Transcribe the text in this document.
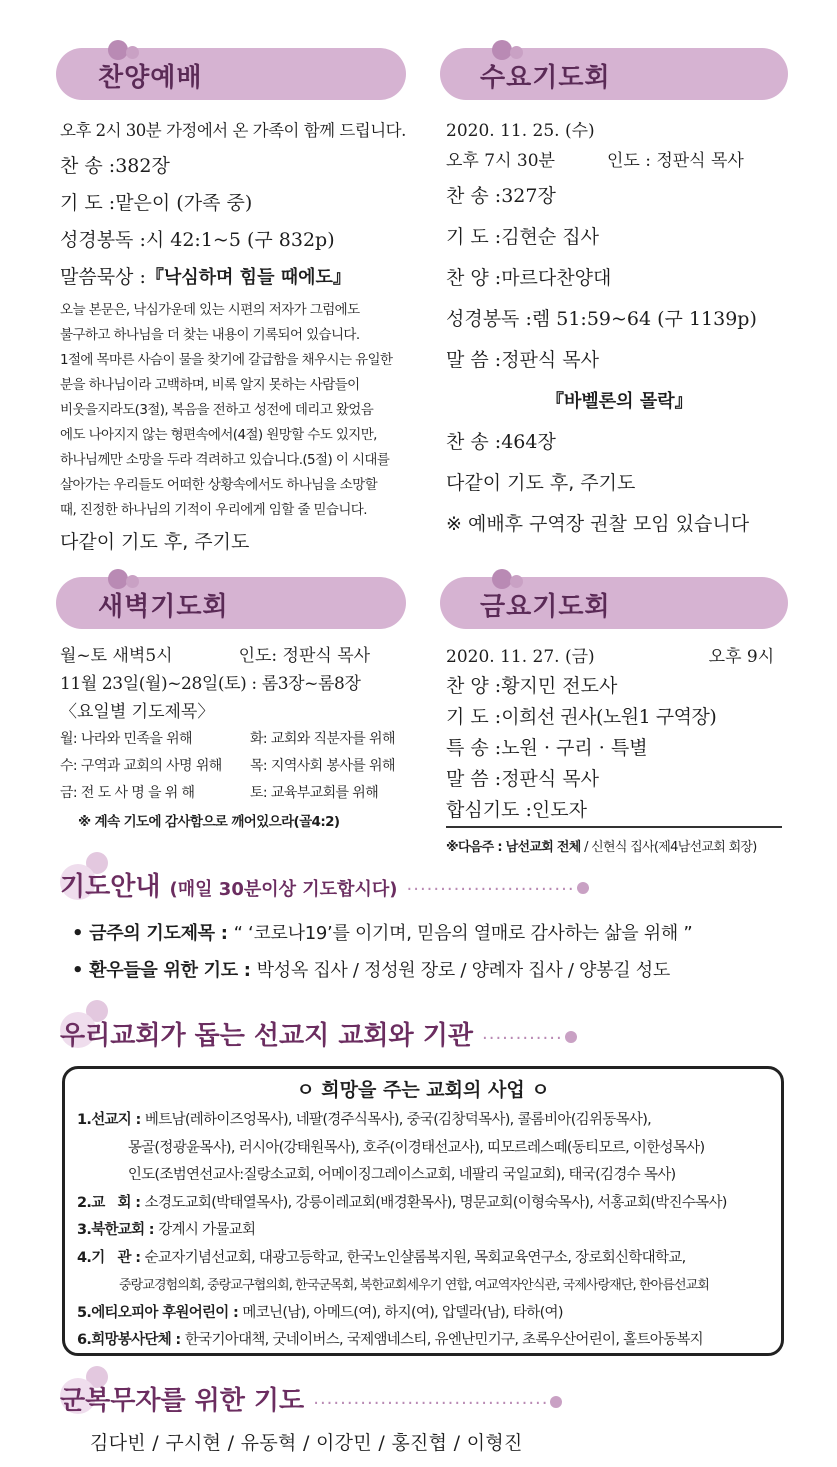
찬양예배
오후 2시 30분 가정에서 온 가족이 함께 드립니다.
찬 송 :382장
기 도 :맡은이 (가족 중)
성경봉독 :시 42:1~5 (구 832p)
말씀묵상 :『낙심하며 힘들 때에도』
오늘 본문은, 낙심가운데 있는 시편의 저자가 그럼에도
불구하고 하나님을 더 찾는 내용이 기록되어 있습니다.
1절에 목마른 사슴이 물을 찾기에 갈급함을 채우시는 유일한
분을 하나님이라 고백하며, 비록 알지 못하는 사람들이
비웃을지라도(3절), 복음을 전하고 성전에 데리고 왔었음
에도 나아지지 않는 형편속에서(4절) 원망할 수도 있지만,
하나님께만 소망을 두라 격려하고 있습니다.(5절) 이 시대를
살아가는 우리들도 어떠한 상황속에서도 하나님을 소망할
때, 진정한 하나님의 기적이 우리에게 임할 줄 믿습니다.
다같이 기도 후, 주기도
수요기도회
2020. 11. 25. (수)
오후 7시 30분	인도 : 정판식 목사
찬 송 :327장
기 도 :김현순 집사
찬 양 :마르다찬양대
성경봉독 :렘 51:59~64 (구 1139p)
말 씀 :정판식 목사
『바벨론의 몰락』
찬 송 :464장
다같이 기도 후, 주기도
※ 예배후 구역장 권찰 모임 있습니다
새벽기도회
월~토 새벽5시	인도: 정판식 목사
11월 23일(월)~28일(토) : 롬3장~롬8장
〈요일별 기도제목〉
월: 나라와 민족을 위해	화: 교회와 직분자를 위해
수: 구역과 교회의 사명 위해 목: 지역사회 봉사를 위해
금: 전 도 사 명 을 위 해	토: 교육부교회를 위해
※ 계속 기도에 감사함으로 깨어있으라(골4:2)
금요기도회
2020. 11. 27. (금)	오후 9시
찬 양 :황지민 전도사
기 도 :이희선 권사(노원1 구역장)
특 송 :노원 · 구리 · 특별
말 씀 :정판식 목사
합심기도 :인도자
※다음주 : 남선교회 전체 / 신현식 집사(제4남선교회 회장)
기도안내 (매일 30분이상 기도합시다) ·························
• 금주의 기도제목 : “ ‘코로나19’를 이기며, 믿음의 열매로 감사하는 삶을 위해 ”
• 환우들을 위한 기도 : 박성옥 집사 / 정성원 장로 / 양례자 집사 / 양봉길 성도
우리교회가 돕는 선교지 교회와 기관 ············
ㅇ 희망을 주는 교회의 사업 ㅇ
1.선교지 : 베트남(레하이즈엉목사), 네팔(경주식목사), 중국(김창덕목사), 콜롬비아(김위동목사),
몽골(정광윤목사), 러시아(강태원목사), 호주(이경태선교사), 띠모르레스떼(동티모르, 이한성목사)
인도(조범연선교사:질랑소교회, 어메이징그레이스교회, 네팔리 국일교회), 태국(김경수 목사)
2.교   회 : 소경도교회(박태열목사), 강릉이레교회(배경환목사), 명문교회(이형숙목사), 서홍교회(박진수목사)
3.북한교회 : 강계시 가물교회
4.기   관 : 순교자기념선교회, 대광고등학교, 한국노인샬롬복지원, 목회교육연구소, 장로회신학대학교,
중랑교경험의회, 중랑교구협의회, 한국군목회, 북한교회세우기 연합, 여교역자안식관, 국제사랑재단, 한아름선교회
5.에티오피아 후원어린이 : 메코닌(남), 아메드(여), 하지(여), 압델라(남), 타하(여)
6.희망봉사단체 : 한국기아대책, 굿네이버스, 국제앰네스티, 유엔난민기구, 초록우산어린이, 홀트아동복지
군복무자를 위한 기도 ···································
김다빈 / 구시현 / 유동혁 / 이강민 / 홍진협 / 이형진
